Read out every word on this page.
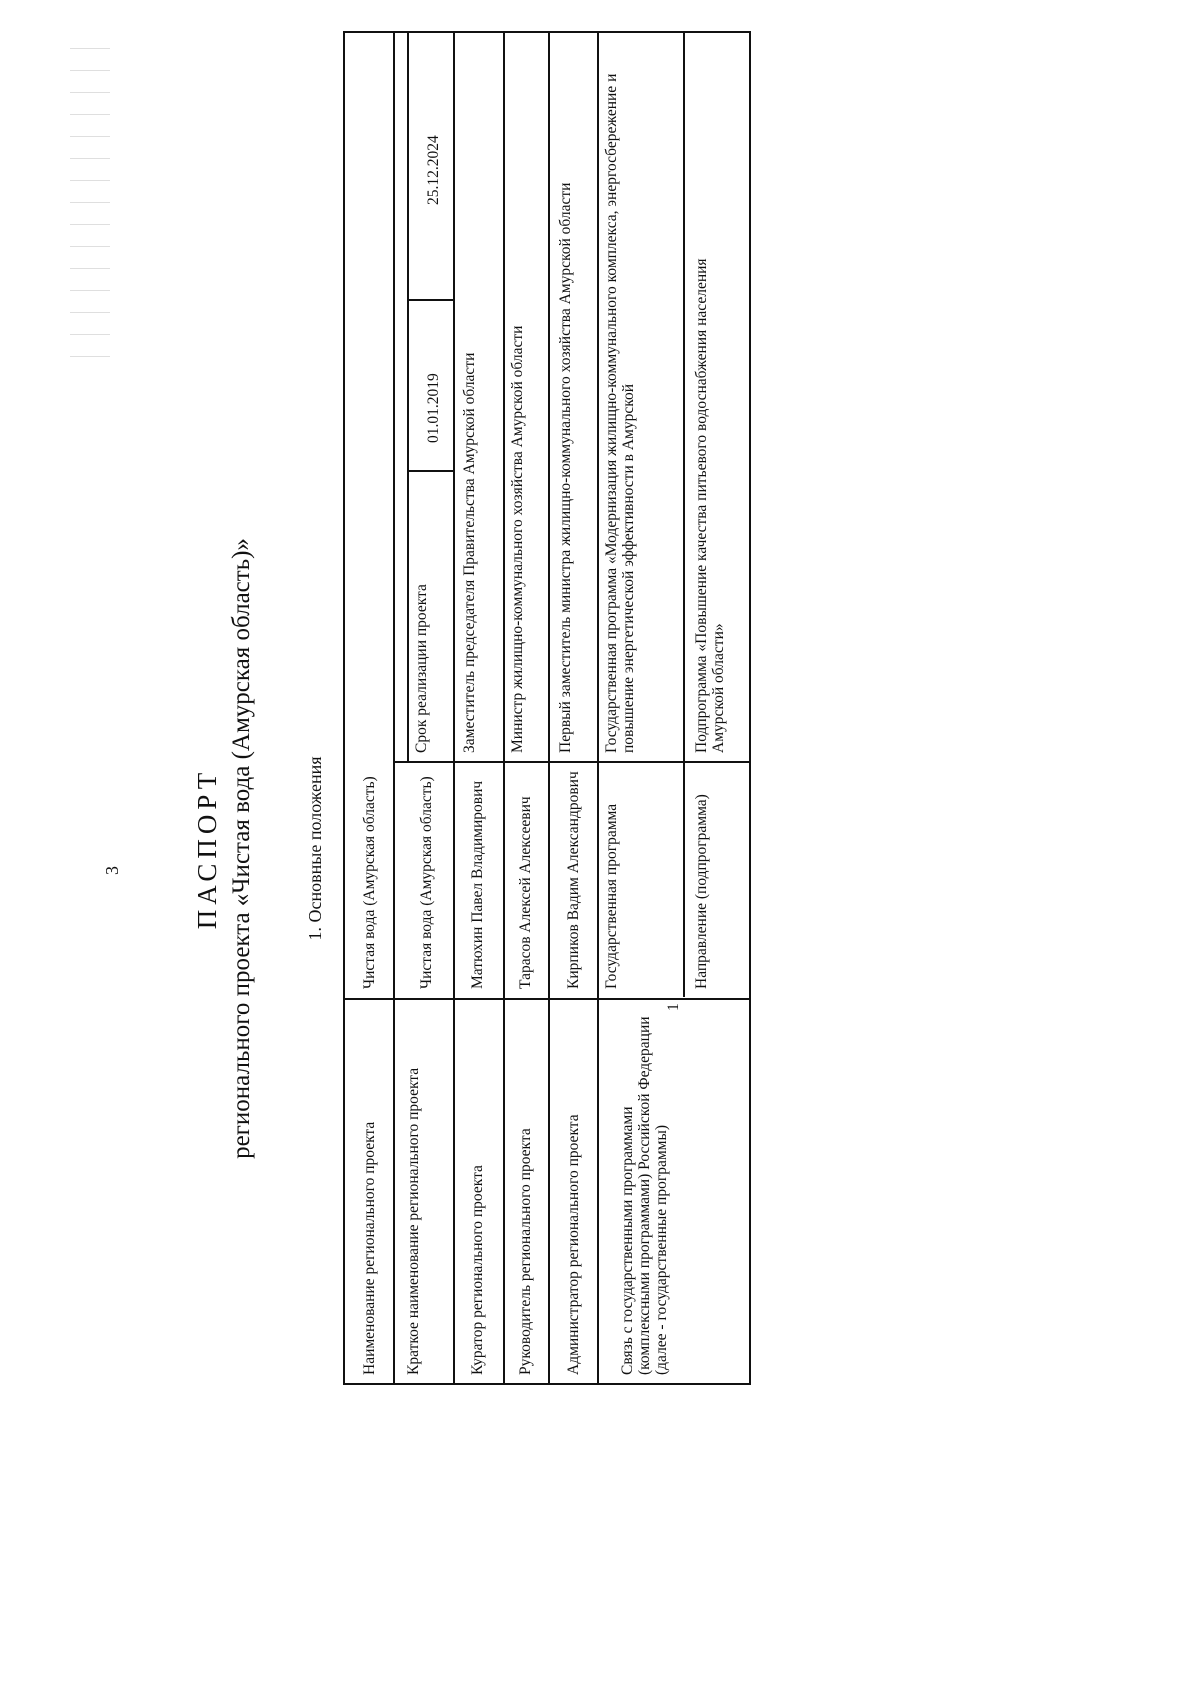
3	ПАСПОРТ регионального проекта «Чистая вода (Амурская область)»	1. Основные положения
Наименование регионального проекта
Чистая вода (Амурская область)
Краткое наименование регионального проекта
Чистая вода (Амурская область)
Срок реализации проекта
01.01.2019
25.12.2024
Куратор регионального проекта
Матюхин Павел Владимирович
Заместитель председателя Правительства Амурской области
Руководитель регионального проекта
Тарасов Алексей Алексеевич
Министр жилищно-коммунального хозяйства Амурской области
Администратор регионального проекта
Кирпиков Вадим Александрович
Первый заместитель министра жилищно-коммунального хозяйства Амурской области
Связь с государственными программами (комплексными программами) Российской Федерации (далее - государственные программы)
1
Государственная программа
Государственная программа «Модернизация жилищно-коммунального комплекса, энергосбережение и повышение энергетической эффективности в Амурской
Направление (подпрограмма)
Подпрограмма «Повышение качества питьевого водоснабжения населения Амурской области»
